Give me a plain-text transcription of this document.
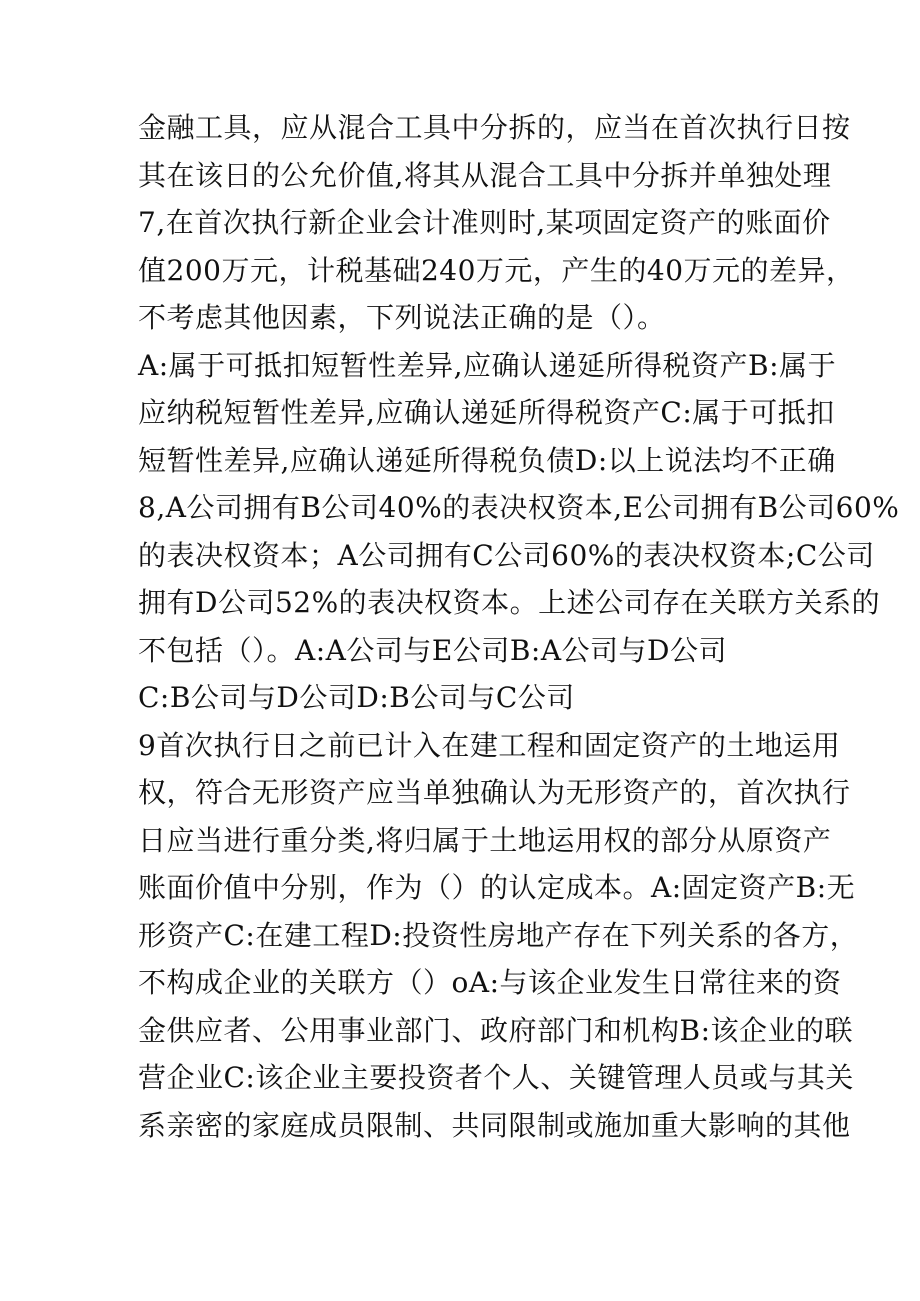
金融工具，应从混合工具中分拆的，应当在首次执行日按
其在该日的公允价值,将其从混合工具中分拆并单独处理
7,在首次执行新企业会计准则时,某项固定资产的账面价
值200万元，计税基础240万元，产生的40万元的差异，
不考虑其他因素，下列说法正确的是（）。
A:属于可抵扣短暂性差异,应确认递延所得税资产B:属于
应纳税短暂性差异,应确认递延所得税资产C:属于可抵扣
短暂性差异,应确认递延所得税负债D:以上说法均不正确
8,A公司拥有B公司40%的表决权资本,E公司拥有B公司60%
的表决权资本；A公司拥有C公司60%的表决权资本;C公司
拥有D公司52%的表决权资本。上述公司存在关联方关系的
不包括（）。A:A公司与E公司B:A公司与D公司
C:B公司与D公司D:B公司与C公司
9首次执行日之前已计入在建工程和固定资产的土地运用
权，符合无形资产应当单独确认为无形资产的，首次执行
日应当进行重分类,将归属于土地运用权的部分从原资产
账面价值中分别，作为（）的认定成本。A:固定资产B:无
形资产C:在建工程D:投资性房地产存在下列关系的各方，
不构成企业的关联方（）oA:与该企业发生日常往来的资
金供应者、公用事业部门、政府部门和机构B:该企业的联
营企业C:该企业主要投资者个人、关键管理人员或与其关
系亲密的家庭成员限制、共同限制或施加重大影响的其他
